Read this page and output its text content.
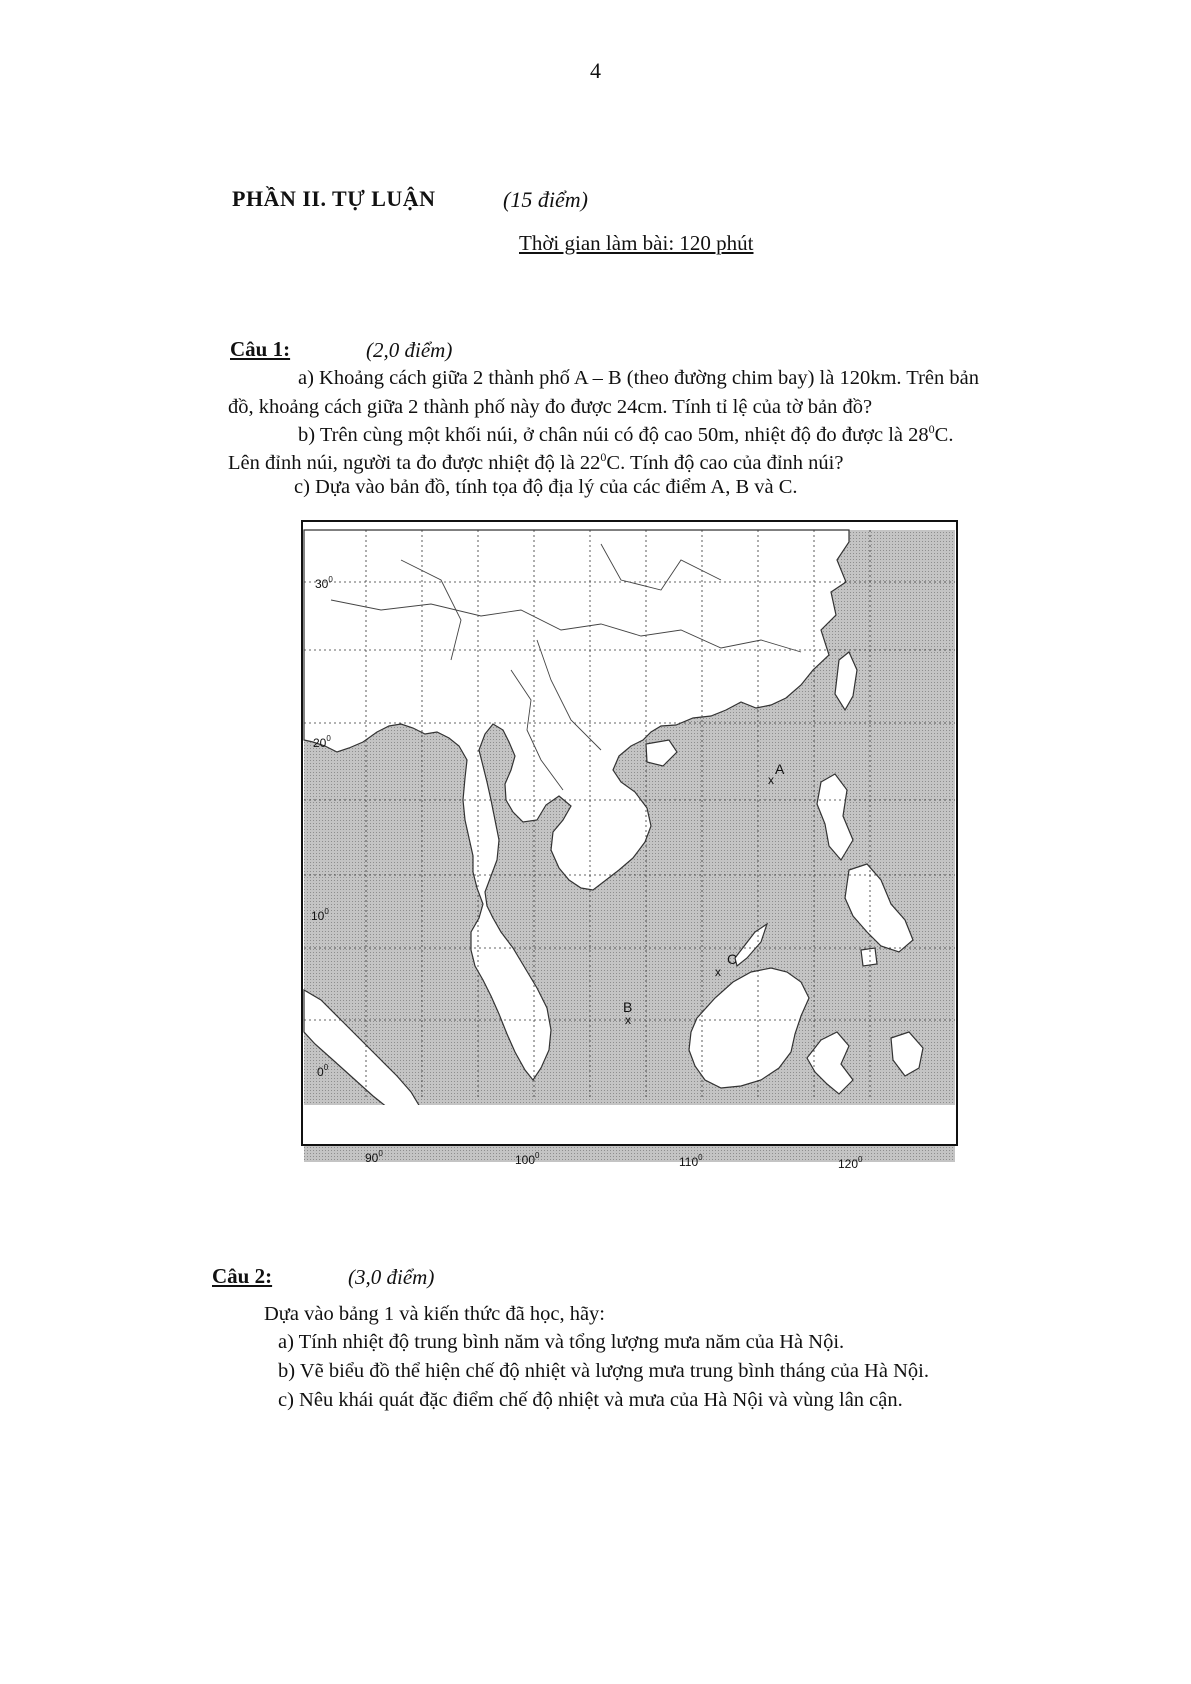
4
PHẦN II. TỰ LUẬN	(15 điểm)
Thời gian làm bài: 120 phút
Câu 1:	(2,0 điểm)
a) Khoảng cách giữa 2 thành phố A – B (theo đường chim bay) là 120km. Trên bản
đồ, khoảng cách giữa 2 thành phố này đo được 24cm. Tính tỉ lệ của tờ bản đồ?
b) Trên cùng một khối núi, ở chân núi có độ cao 50m, nhiệt độ đo được là $28^0C$.
Lên đỉnh núi, người ta đo được nhiệt độ là $22^0C$. Tính độ cao của đỉnh núi?
c) Dựa vào bản đồ, tính tọa độ địa lý của các điểm A, B và C.
$30^0$
$20^0$
$10^0$
$0^0$
$90^0$	$100^0$	$110^0$	$120^0$
x
A
x
B
x
C
Câu 2:	(3,0 điểm)
Dựa vào bảng 1 và kiến thức đã học, hãy:
a) Tính nhiệt độ trung bình năm và tổng lượng mưa năm của Hà Nội.
b) Vẽ biểu đồ thể hiện chế độ nhiệt và lượng mưa trung bình tháng của Hà Nội.
c) Nêu khái quát đặc điểm chế độ nhiệt và mưa của Hà Nội và vùng lân cận.
